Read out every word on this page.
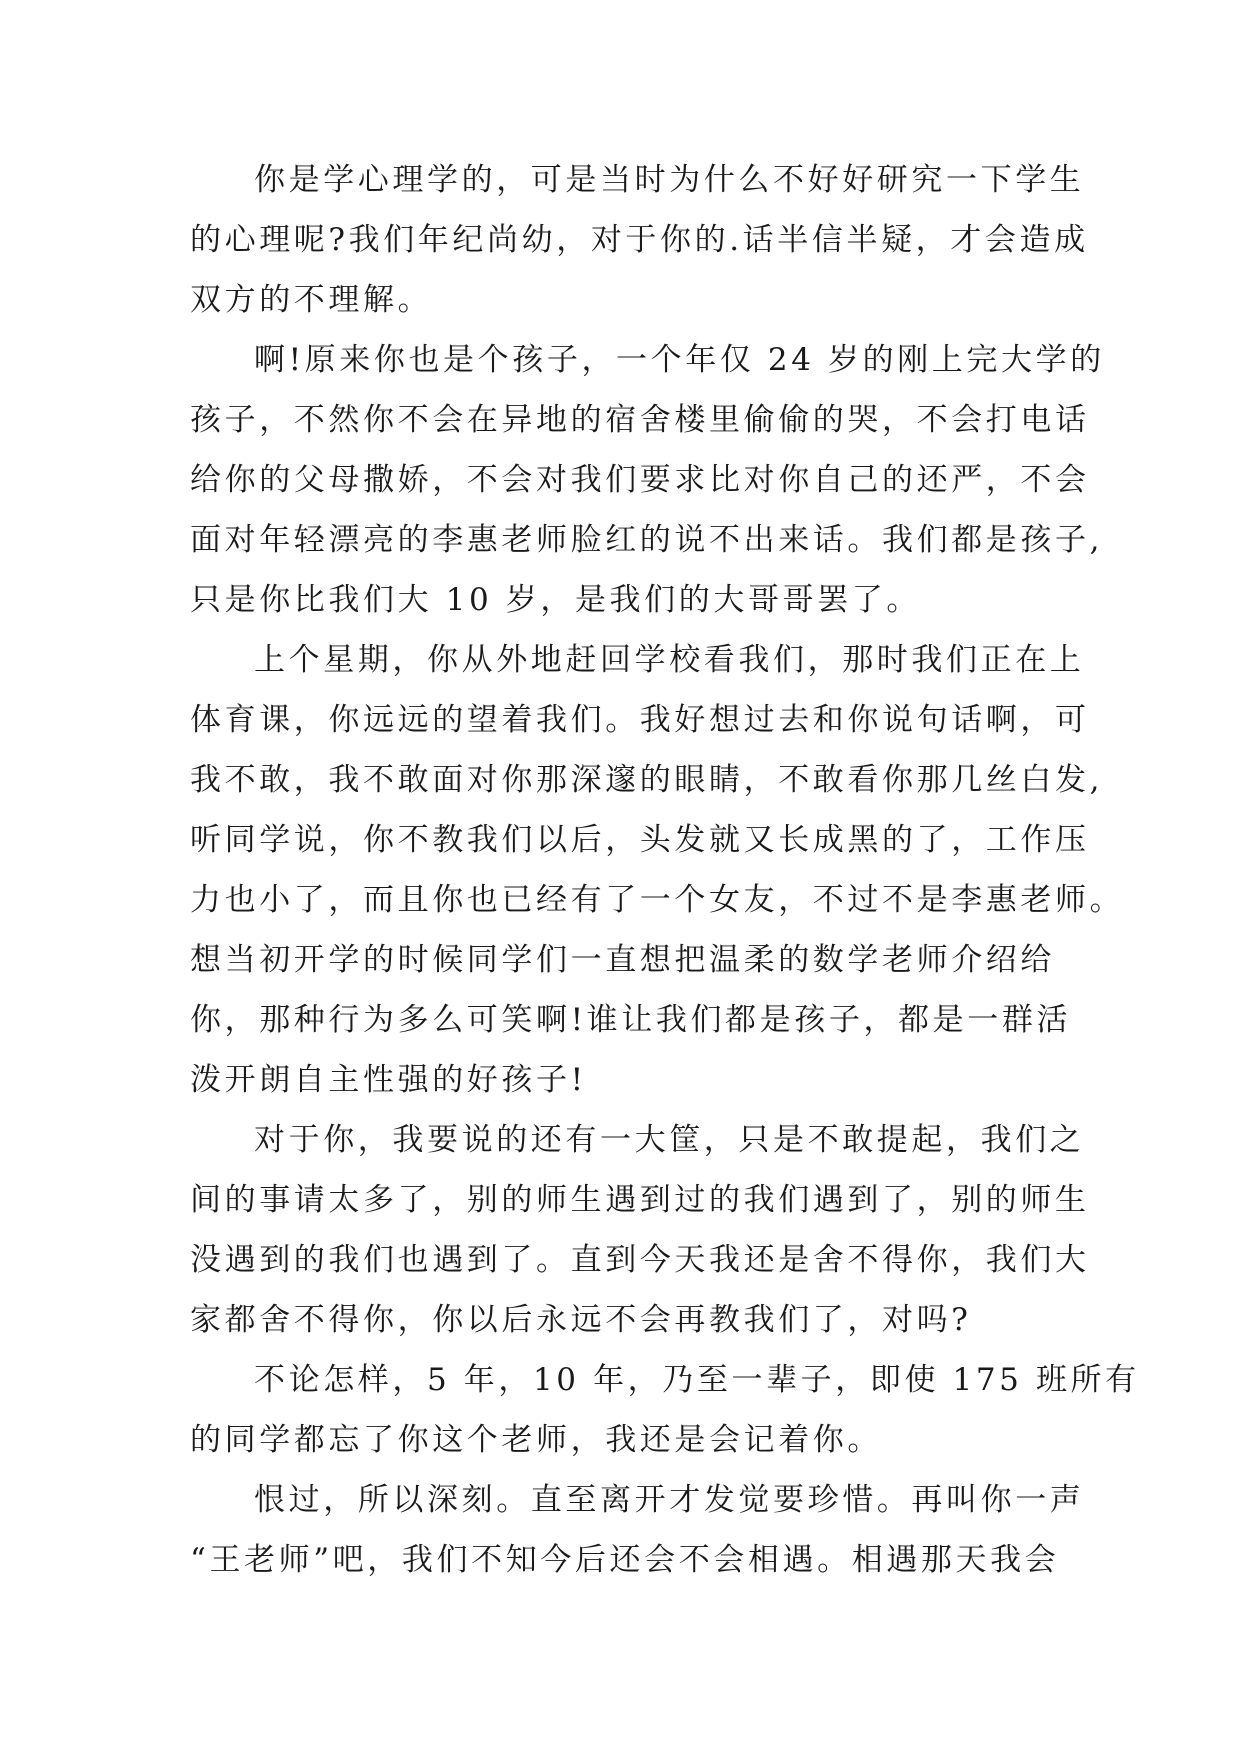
你是学心理学的，可是当时为什么不好好研究一下学生
的心理呢?我们年纪尚幼，对于你的.话半信半疑，才会造成
双方的不理解。
啊!原来你也是个孩子，一个年仅 24 岁的刚上完大学的
孩子，不然你不会在异地的宿舍楼里偷偷的哭，不会打电话
给你的父母撒娇，不会对我们要求比对你自己的还严，不会
面对年轻漂亮的李惠老师脸红的说不出来话。我们都是孩子,
只是你比我们大 10 岁，是我们的大哥哥罢了。
上个星期，你从外地赶回学校看我们，那时我们正在上
体育课，你远远的望着我们。我好想过去和你说句话啊，可
我不敢，我不敢面对你那深邃的眼睛，不敢看你那几丝白发,
听同学说，你不教我们以后，头发就又长成黑的了，工作压
力也小了，而且你也已经有了一个女友，不过不是李惠老师。
想当初开学的时候同学们一直想把温柔的数学老师介绍给
你，那种行为多么可笑啊!谁让我们都是孩子，都是一群活
泼开朗自主性强的好孩子!
对于你，我要说的还有一大筐，只是不敢提起，我们之
间的事请太多了，别的师生遇到过的我们遇到了，别的师生
没遇到的我们也遇到了。直到今天我还是舍不得你，我们大
家都舍不得你，你以后永远不会再教我们了，对吗?
不论怎样，5 年，10 年，乃至一辈子，即使 175 班所有
的同学都忘了你这个老师，我还是会记着你。
恨过，所以深刻。直至离开才发觉要珍惜。再叫你一声
“王老师”吧，我们不知今后还会不会相遇。相遇那天我会
